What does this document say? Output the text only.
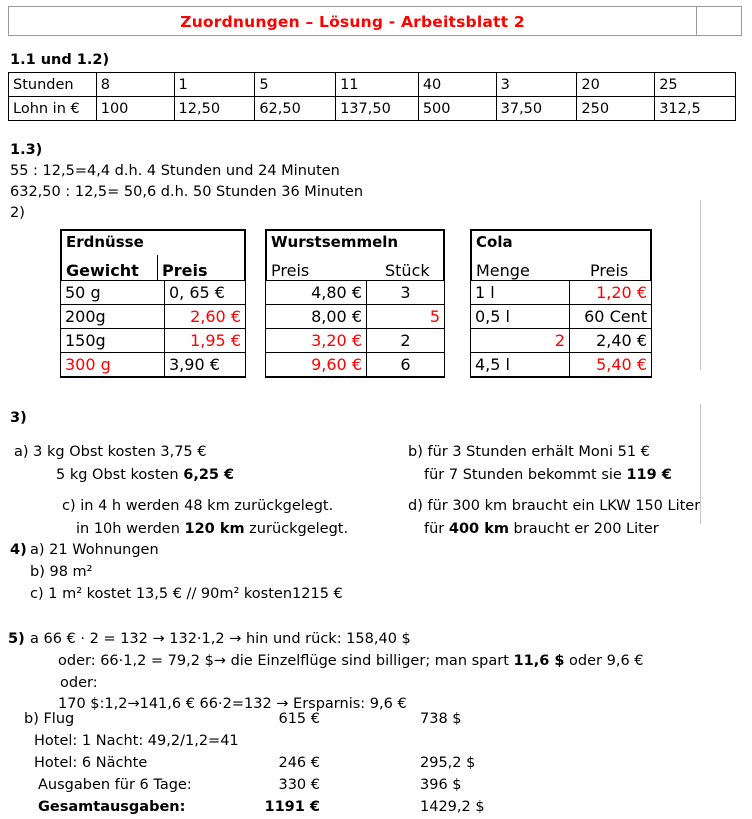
Zuordnungen – Lösung - Arbeitsblatt 2	
1.1 und 1.2)
Stunden	8	1	5	11	40	3	20	25
Lohn in €	100	12,50	62,50	137,50	500	37,50	250	312,5
1.3)
55 : 12,5=4,4 d.h. 4 Stunden und 24 Minuten
632,50 : 12,5= 50,6 d.h. 50 Stunden 36 Minuten
2)
Erdnüsse
Gewicht	Preis
50 g	0, 65 €
200g	2,60 €
150g	1,95 €
300 g	3,90 €
Wurstsemmeln
Preis	Stück
4,80 €	3
8,00 €	5
3,20 €	2
9,60 €	6
Cola
Menge	Preis
1 l	1,20 €
0,5 l	60 Cent
2	2,40 €
4,5 l	5,40 €
3)
a) 3 kg Obst kosten 3,75 €
5 kg Obst kosten 6,25 €
b) für 3 Stunden erhält Moni 51 €
für 7 Stunden bekommt sie 119 €
c) in 4 h werden 48 km zurückgelegt.
in 10h werden 120 km zurückgelegt.
d) für 300 km braucht ein LKW 150 Liter
für 400 km braucht er 200 Liter
4) a) 21 Wohnungen
b) 98 m²
c) 1 m² kostet 13,5 € // 90m² kosten1215 €
5) a 66 € · 2 = 132 → 132·1,2 → hin und rück: 158,40 $
oder: 66·1,2 = 79,2 $→ die Einzelflüge sind billiger; man spart 11,6 $ oder 9,6 €
oder:
170 $:1,2→141,6 € 66·2=132 → Ersparnis: 9,6 €
b) Flug	615 €	738 $
Hotel: 1 Nacht: 49,2/1,2=41
Hotel: 6 Nächte	246 €	295,2 $
Ausgaben für 6 Tage:	330 €	396 $
Gesamtausgaben:	1191 €	1429,2 $
